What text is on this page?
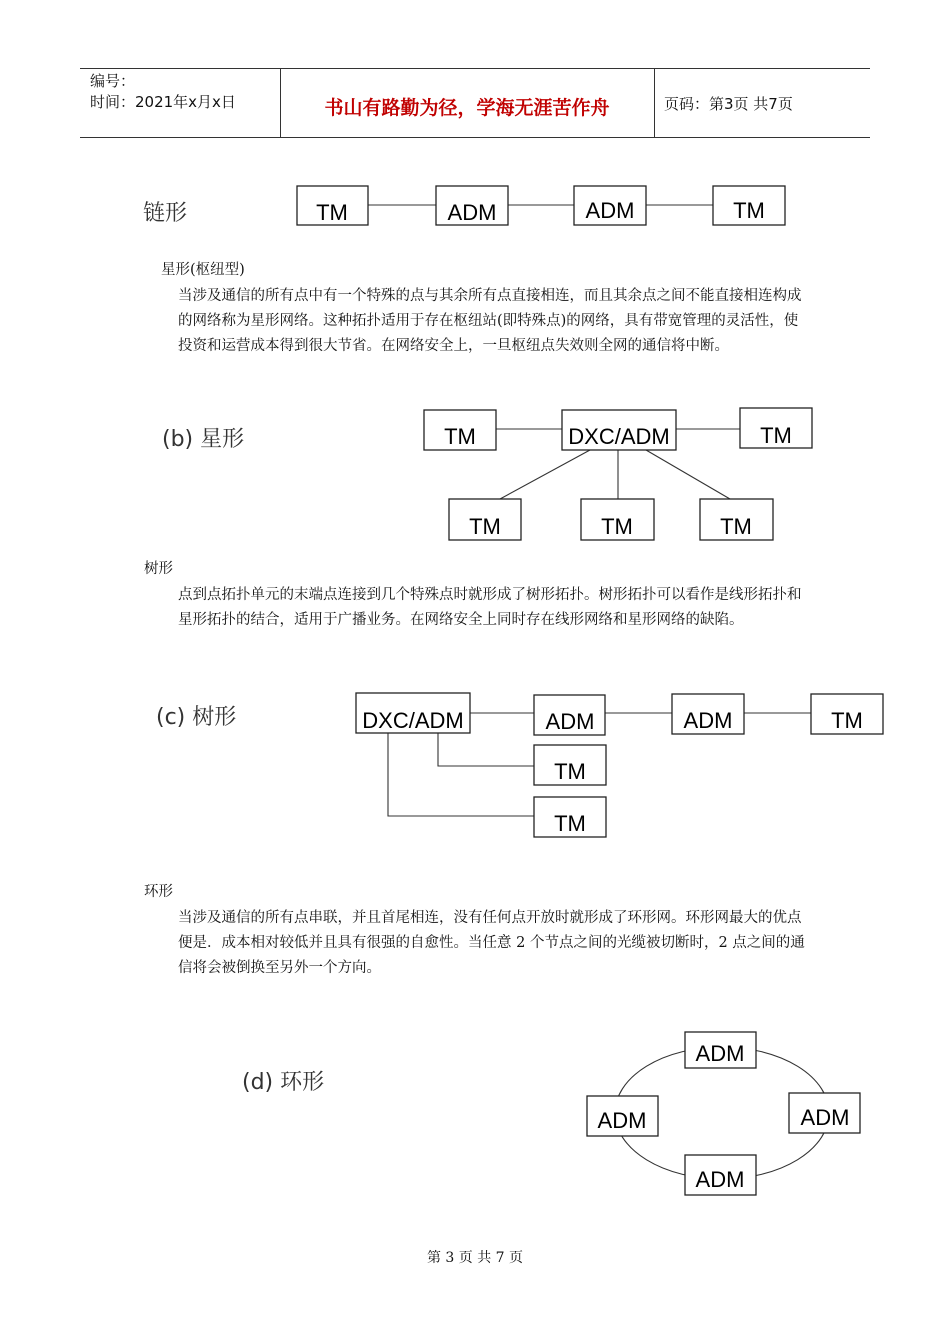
编号：
时间：2021年x月x日	书山有路勤为径，学海无涯苦作舟	页码：第3页 共7页
链形	TM	ADM	ADM	TM
(b) 星形	TM	DXC/ADM	TM
TM	TM	TM
(c) 树形	DXC/ADM	ADM	ADM	TM
TM
TM
(d) 环形
ADM
ADM	ADM
ADM
星形(枢纽型)
当涉及通信的所有点中有一个特殊的点与其余所有点直接相连，而且其余点之间不能直接相连构成的网络称为星形网络。这种拓扑适用于存在枢纽站(即特殊点)的网络，具有带宽管理的灵活性，使投资和运营成本得到很大节省。在网络安全上，一旦枢纽点失效则全网的通信将中断。
树形
点到点拓扑单元的末端点连接到几个特殊点时就形成了树形拓扑。树形拓扑可以看作是线形拓扑和星形拓扑的结合，适用于广播业务。在网络安全上同时存在线形网络和星形网络的缺陷。
环形
当涉及通信的所有点串联，并且首尾相连，没有任何点开放时就形成了环形网。环形网最大的优点便是．成本相对较低并且具有很强的自愈性。当任意 2 个节点之间的光缆被切断时，2 点之间的通信将会被倒换至另外一个方向。
第 3 页 共 7 页
